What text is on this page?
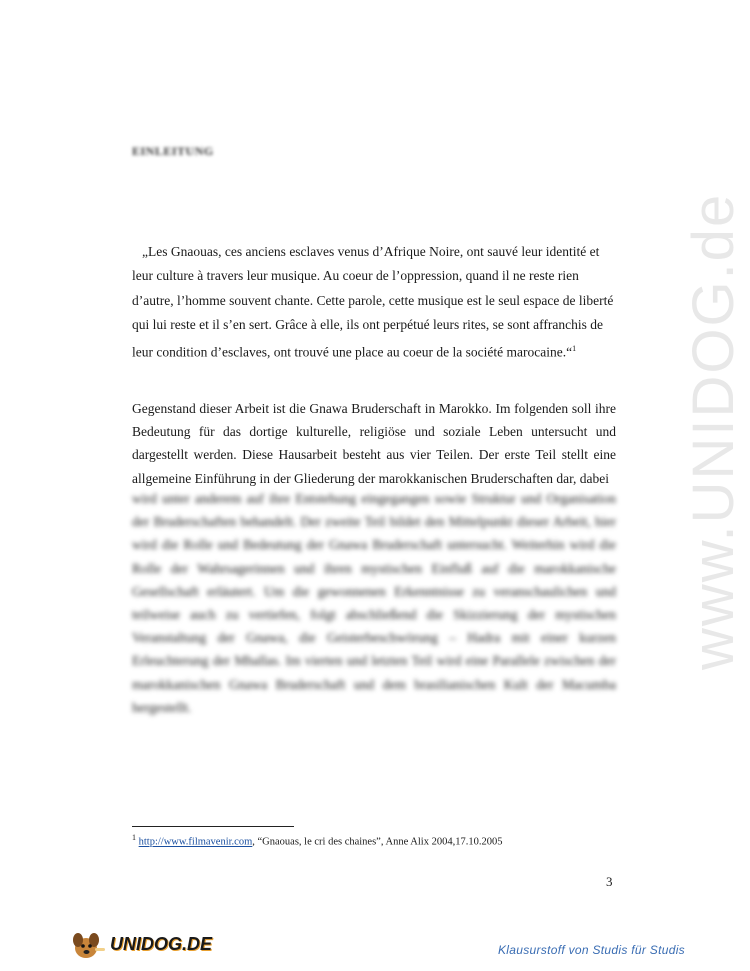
www.UNIDOG.de
EINLEITUNG
„Les Gnaouas, ces anciens esclaves venus d’Afrique Noire, ont sauvé leur identité et
leur culture à travers leur musique. Au coeur de l’oppression, quand il ne reste rien
d’autre, l’homme souvent chante. Cette parole, cette musique est le seul espace de liberté
qui lui reste et il s’en sert. Grâce à elle, ils ont perpétué leurs rites, se sont affranchis de
leur condition d’esclaves, ont trouvé une place au coeur de la société marocaine.“$^1$
Gegenstand dieser Arbeit ist die Gnawa Bruderschaft in Marokko. Im folgenden soll ihre Bedeutung für das dortige kulturelle, religiöse und soziale Leben untersucht und dargestellt werden. Diese Hausarbeit besteht aus vier Teilen. Der erste Teil stellt eine allgemeine Einführung in der Gliederung der marokkanischen Bruderschaften dar, dabei
wird unter anderem auf ihre Entstehung eingegangen sowie Struktur und Organisation der Bruderschaften behandelt. Der zweite Teil bildet den Mittelpunkt dieser Arbeit, hier wird die Rolle und Bedeutung der Gnawa Bruderschaft untersucht. Weiterhin wird die Rolle der Wahrsagerinnen und ihren mystischen Einfluß auf die marokkanische Gesellschaft erläutert. Um die gewonnenen Erkenntnisse zu veranschaulichen und teilweise auch zu vertiefen, folgt abschließend die Skizzierung der mystischen Veranstaltung der Gnawa, die Geisterbeschwörung – Hadra mit einer kurzen Erleuchterung der Mhallas. Im vierten und letzten Teil wird eine Parallele zwischen der marokkanischen Gnawa Bruderschaft und dem brasilianischen Kult der Macumba hergestellt.
$^1$ http://www.filmavenir.com, “Gnaouas, le cri des chaines”, Anne Alix 2004,17.10.2005
3
UNIDOG.DE	Klausurstoff von Studis für Studis
